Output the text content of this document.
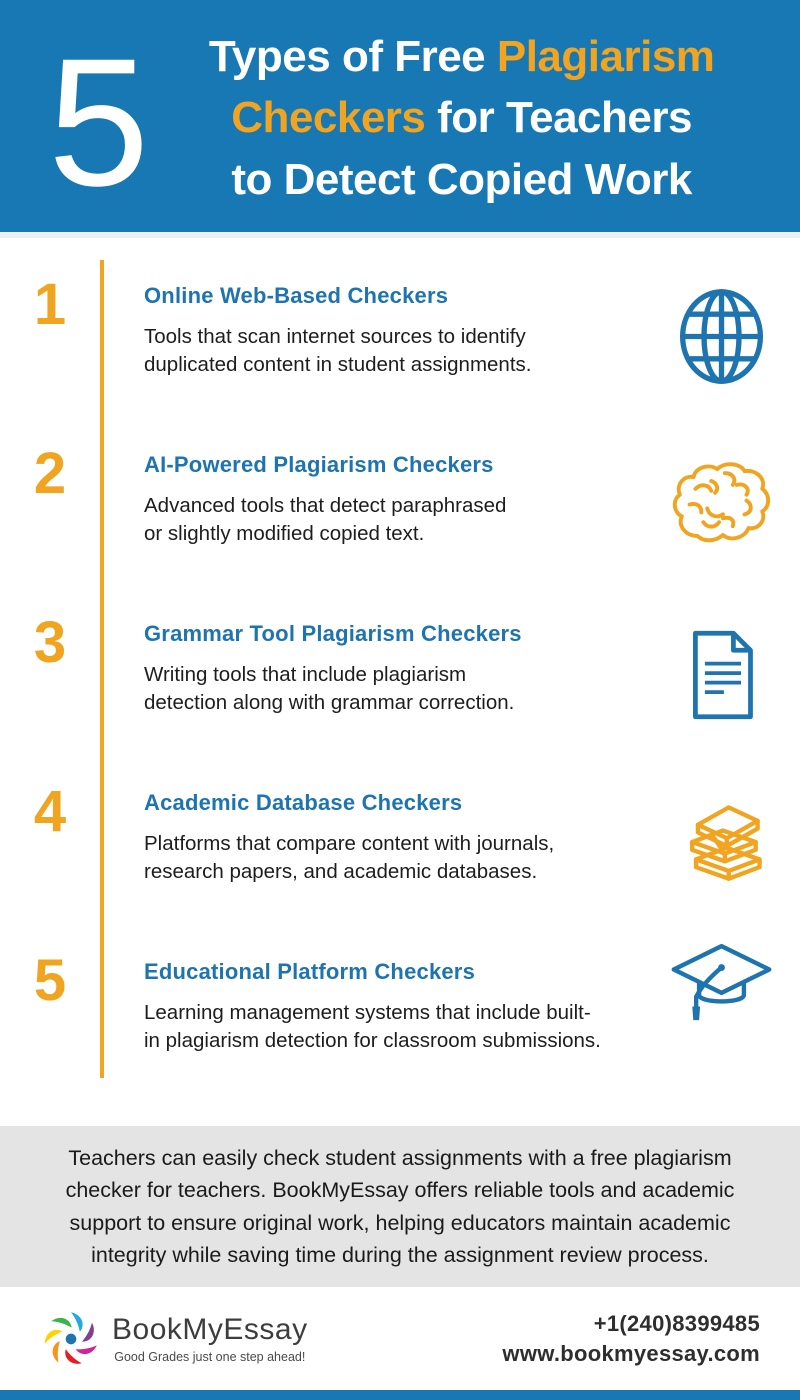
5	Types of Free Plagiarism
Checkers for Teachers
to Detect Copied Work
1	Online Web-Based Checkers

Tools that scan internet sources to identify
duplicated content in student assignments.

2	AI-Powered Plagiarism Checkers

Advanced tools that detect paraphrased
or slightly modified copied text.

3	Grammar Tool Plagiarism Checkers

Writing tools that include plagiarism
detection along with grammar correction.

4	Academic Database Checkers

Platforms that compare content with journals,
research papers, and academic databases.

5	Educational Platform Checkers

Learning management systems that include built-
in plagiarism detection for classroom submissions.

Teachers can easily check student assignments with a free plagiarism
checker for teachers. BookMyEssay offers reliable tools and academic
support to ensure original work, helping educators maintain academic
integrity while saving time during the assignment review process.
BookMyEssay
Good Grades just one step ahead!
+1(240)8399485
www.bookmyessay.com
